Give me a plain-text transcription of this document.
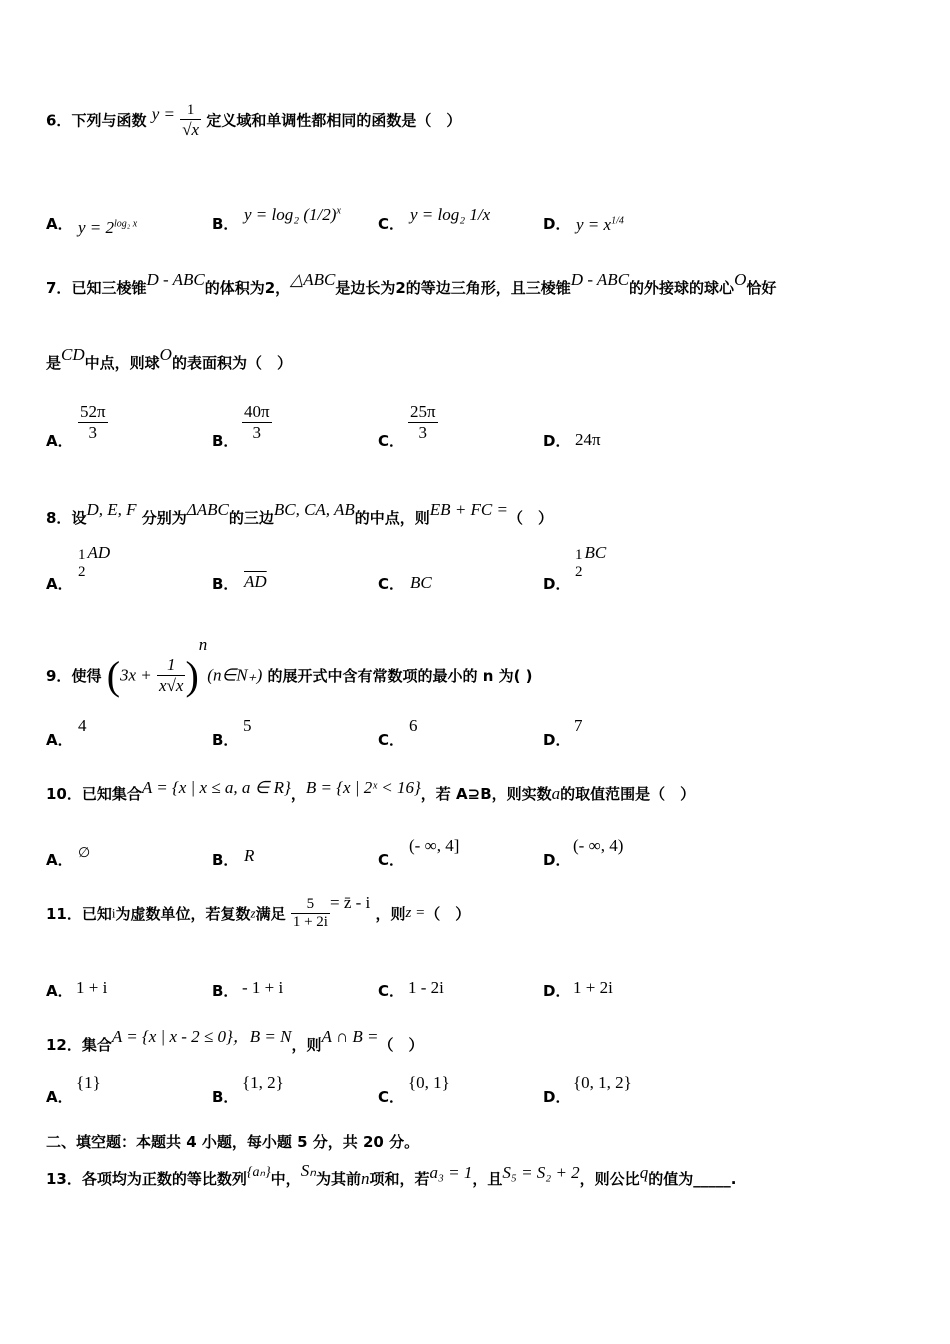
6．下列与函数 $y = \frac{1}{√x}$ 定义域和单调性都相同的函数是（　）
A． $y = 2^{log_2 x}$	B． y = log₂ $(1/2)^x$
C． y = log₂ 1/x	D． $y = x^{1/4}$
7．已知三棱锥D - ABC的体积为2，△ABC是边长为2的等边三角形，且三棱锥D - ABC的外接球的球心O恰好
是CD中点，则球O的表面积为（　）
A． $\frac{52\pi}{3}$	B． $\frac{40\pi}{3}$	C． $\frac{25\pi}{3}$	D． 24π
8．设D, E, F 分别为ΔABC的三边BC, CA, AB的中点，则EB + FC =（　）
A．
1
2
AD
B． $\overline{AD}$	C． BC	D．
1
2
BC
9．使得 ($3x + \frac{1}{x√x}$ )$^n(n\in N_+)$ 的展开式中含有常数项的最小的 n 为( )
A．
4
B．
5
C．
6
D．
7
10．已知集合A = {x | x ≤ a, a ∈ R}，B = {x | 2ˣ < 16}，若 A⊇B，则实数a的取值范围是（　）
A． ∅	B． R	C．
(- ∞, 4]
D．
(- ∞, 4)
11．已知i为虚数单位，若复数z满足 $\frac{5}{1 + 2i}$ = z̄ - i ，则z =（　）
A． 1 + i	B． - 1 + i	C． 1 - 2i	D． 1 + 2i
12．集合A = {x | x - 2 ≤ 0}，B = N，则A ∩ B =（　）
A．
{1}
B．
{1, 2}
C．
{0, 1}
D．
{0, 1, 2}
二、填空题：本题共 4 小题，每小题 5 分，共 20 分。
13．各项均为正数的等比数列{aₙ}中，Sₙ为其前n项和，若a₃ = 1，且S₅ = S₂ + 2，则公比q的值为_____.
